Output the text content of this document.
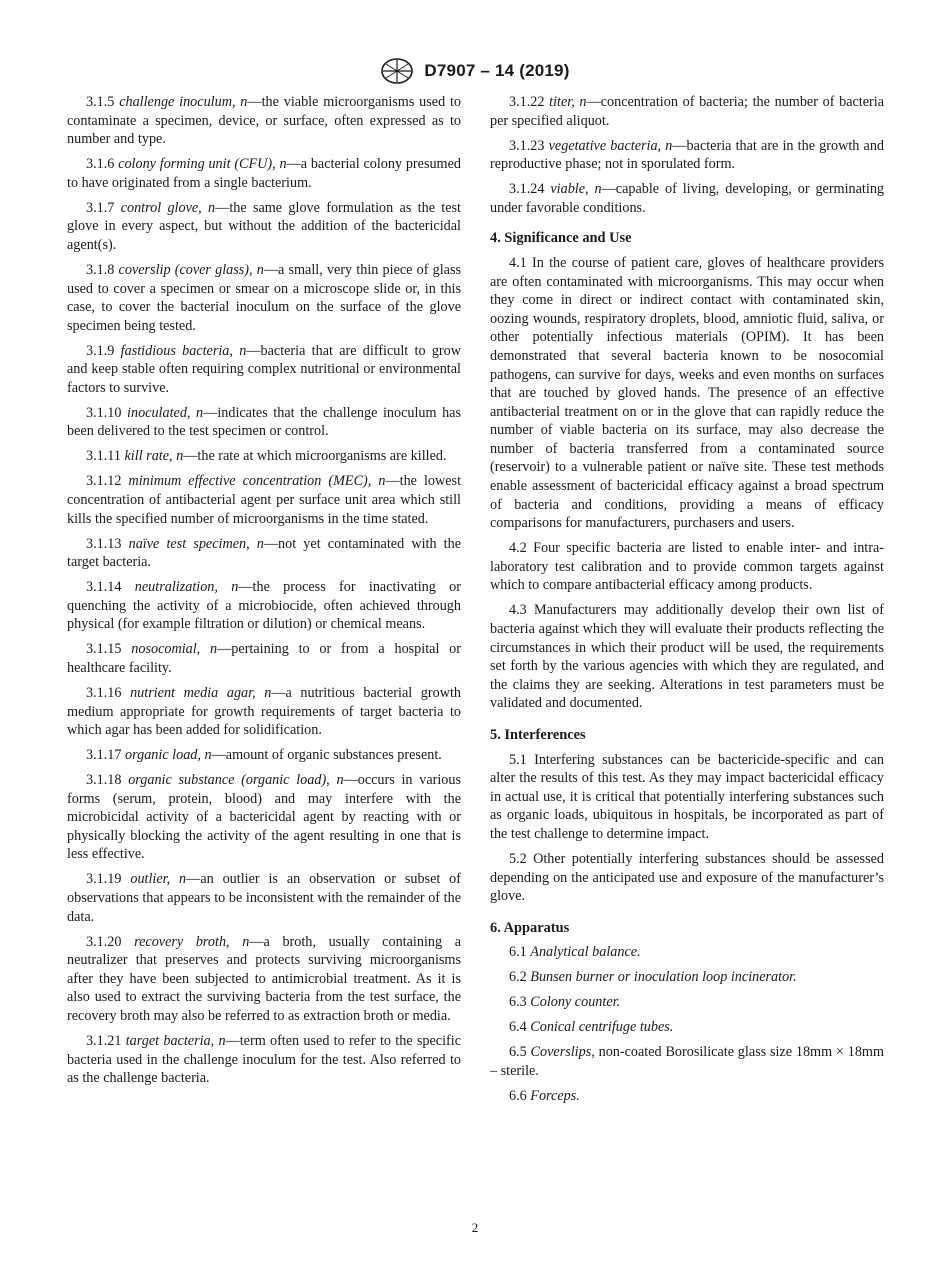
D7907 – 14 (2019)

3.1.5 challenge inoculum, n—the viable microorganisms used to contaminate a specimen, device, or surface, often expressed as to number and type.

3.1.6 colony forming unit (CFU), n—a bacterial colony presumed to have originated from a single bacterium.

3.1.7 control glove, n—the same glove formulation as the test glove in every aspect, but without the addition of the bactericidal agent(s).

3.1.8 coverslip (cover glass), n—a small, very thin piece of glass used to cover a specimen or smear on a microscope slide or, in this case, to cover the bacterial inoculum on the surface of the glove specimen being tested.

3.1.9 fastidious bacteria, n—bacteria that are difficult to grow and keep stable often requiring complex nutritional or environmental factors to survive.

3.1.10 inoculated, n—indicates that the challenge inoculum has been delivered to the test specimen or control.

3.1.11 kill rate, n—the rate at which microorganisms are killed.

3.1.12 minimum effective concentration (MEC), n—the lowest concentration of antibacterial agent per surface unit area which still kills the specified number of microorganisms in the time stated.

3.1.13 naïve test specimen, n—not yet contaminated with the target bacteria.

3.1.14 neutralization, n—the process for inactivating or quenching the activity of a microbiocide, often achieved through physical (for example filtration or dilution) or chemical means.

3.1.15 nosocomial, n—pertaining to or from a hospital or healthcare facility.

3.1.16 nutrient media agar, n—a nutritious bacterial growth medium appropriate for growth requirements of target bacteria to which agar has been added for solidification.

3.1.17 organic load, n—amount of organic substances present.

3.1.18 organic substance (organic load), n—occurs in various forms (serum, protein, blood) and may interfere with the microbicidal activity of a bactericidal agent by reacting with or physically blocking the activity of the agent resulting in one that is less effective.

3.1.19 outlier, n—an outlier is an observation or subset of observations that appears to be inconsistent with the remainder of the data.

3.1.20 recovery broth, n—a broth, usually containing a neutralizer that preserves and protects surviving microorganisms after they have been subjected to antimicrobial treatment. As it is also used to extract the surviving bacteria from the test surface, the recovery broth may also be referred to as extraction broth or media.

3.1.21 target bacteria, n—term often used to refer to the specific bacteria used in the challenge inoculum for the test. Also referred to as the challenge bacteria.

3.1.22 titer, n—concentration of bacteria; the number of bacteria per specified aliquot.

3.1.23 vegetative bacteria, n—bacteria that are in the growth and reproductive phase; not in sporulated form.

3.1.24 viable, n—capable of living, developing, or germinating under favorable conditions.

4. Significance and Use

4.1 In the course of patient care, gloves of healthcare providers are often contaminated with microorganisms. This may occur when they come in direct or indirect contact with contaminated skin, oozing wounds, respiratory droplets, blood, amniotic fluid, saliva, or other potentially infectious materials (OPIM). It has been demonstrated that several bacteria known to be nosocomial pathogens, can survive for days, weeks and even months on surfaces that are touched by gloved hands. The presence of an effective antibacterial treatment on or in the glove that can rapidly reduce the number of viable bacteria on its surface, may also decrease the number of bacteria transferred from a contaminated source (reservoir) to a vulnerable patient or naïve site. These test methods enable assessment of bactericidal efficacy against a broad spectrum of bacteria and conditions, providing a means of efficacy comparisons for manufacturers, purchasers and users.

4.2 Four specific bacteria are listed to enable inter- and intra- laboratory test calibration and to provide common targets against which to compare antibacterial efficacy among products.

4.3 Manufacturers may additionally develop their own list of bacteria against which they will evaluate their products reflecting the circumstances in which their product will be used, the requirements set forth by the various agencies with which they are regulated, and the claims they are seeking. Alterations in test parameters must be validated and documented.

5. Interferences

5.1 Interfering substances can be bactericide-specific and can alter the results of this test. As they may impact bactericidal efficacy in actual use, it is critical that potentially interfering substances such as organic loads, ubiquitous in hospitals, be incorporated as part of the test challenge to determine impact.

5.2 Other potentially interfering substances should be assessed depending on the anticipated use and exposure of the manufacturer’s glove.

6. Apparatus

6.1 Analytical balance.

6.2 Bunsen burner or inoculation loop incinerator.

6.3 Colony counter.

6.4 Conical centrifuge tubes.

6.5 Coverslips, non-coated Borosilicate glass size 18mm × 18mm – sterile.

6.6 Forceps.

2
